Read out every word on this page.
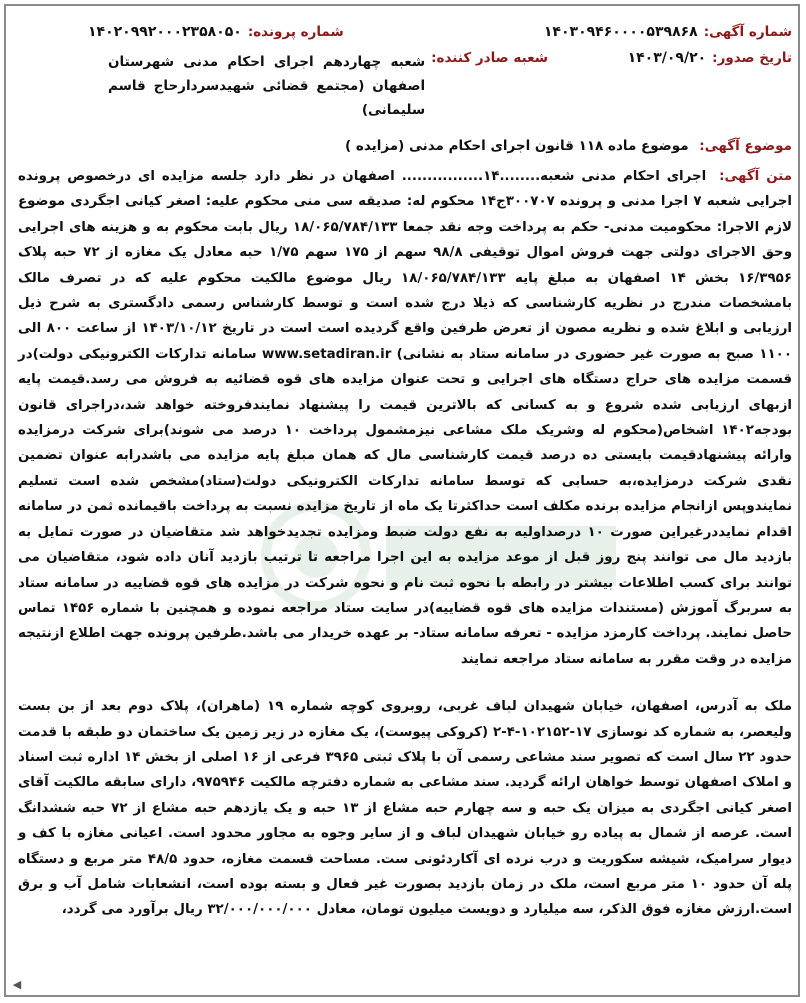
شماره آگهی:
۱۴۰۳۰۹۴۶۰۰۰۰۵۳۹۸۶۸
شماره پرونده:
۱۴۰۲۰۹۹۲۰۰۰۲۳۵۸۰۵۰
تاریخ صدور:
۱۴۰۳/۰۹/۲۰
شعبه صادر کننده:
شعبه چهاردهم اجرای احکام مدنی شهرستان اصفهان (مجتمع قضائی شهیدسردارحاج قاسم سلیمانی)
موضوع آگهی: موضوع ماده ۱۱۸ قانون اجرای احکام مدنی (مزایده )
متن آگهی: اجرای احکام مدنی شعبه........۱۴................ اصفهان در نظر دارد جلسه مزایده ای درخصوص پرونده اجرایی شعبه ۷ اجرا مدنی و پرونده ۳۰۰۷۰۷ج۱۴ محکوم له: صدیقه سی منی محکوم علیه: اصغر کیانی اجگردی موضوع لازم الاجرا: محکومیت مدنی- حکم به پرداخت وجه نقد جمعا ۱۸/۰۶۵/۷۸۴/۱۳۳ ریال بابت محکوم به و هزینه های اجرایی وحق الاجرای دولتی جهت فروش اموال توقیفی ۹۸/۸ سهم از ۱۷۵ سهم ۱/۷۵ حبه معادل یک مغازه از ۷۲ حبه پلاک ۱۶/۳۹۵۶ بخش ۱۴ اصفهان به مبلغ پایه ۱۸/۰۶۵/۷۸۴/۱۳۳ ریال موضوع مالکیت محکوم علیه که در تصرف مالک بامشخصات مندرج در نظریه کارشناسی که ذیلا درج شده است و توسط کارشناس رسمی دادگستری به شرح ذیل ارزیابی و ابلاغ شده و نظریه مصون از تعرض طرفین واقع گردیده است است در تاریخ ۱۴۰۳/۱۰/۱۲ از ساعت ۸۰۰ الی ۱۱۰۰ صبح به صورت غیر حضوری در سامانه ستاد به نشانی) www.setadiran.ir سامانه تدارکات الکترونیکی دولت)در قسمت مزایده های حراج دستگاه های اجرایی و تحت عنوان مزایده های قوه قضائیه به فروش می رسد.قیمت پایه ازبهای ارزیابی شده شروع و به کسانی که بالاترین قیمت را پیشنهاد نمایندفروخته خواهد شد،دراجرای قانون بودجه۱۴۰۲ اشخاص(محکوم له وشریک ملک مشاعی نیزمشمول پرداخت ۱۰ درصد می شوند)برای شرکت درمزایده وارائه پیشنهادقیمت بایستی ده درصد قیمت کارشناسی مال که همان مبلغ پایه مزایده می باشدرابه عنوان تضمین نقدی شرکت درمزایده،به حسابی که توسط سامانه تدارکات الکترونیکی دولت(ستاد)مشخص شده است تسلیم نمایندوپس ازانجام مزایده برنده مکلف است حداکثرتا یک ماه از تاریخ مزایده نسبت به پرداخت باقیمانده ثمن در سامانه اقدام نمایددرغیراین صورت ۱۰ درصداولیه به نفع دولت ضبط ومزایده تجدیدخواهد شد متقاضیان در صورت تمایل به بازدید مال می توانند پنج روز قبل از موعد مزایده به این اجرا مراجعه تا ترتیب بازدید آنان داده شود، متقاضیان می توانند برای کسب اطلاعات بیشتر در رابطه با نحوه ثبت نام و نحوه شرکت در مزایده های قوه قضاییه در سامانه ستاد به سربرگ آموزش (مستندات مزایده های قوه قضاییه)در سایت ستاد مراجعه نموده و همچنین با شماره ۱۴۵۶ تماس حاصل نمایند. پرداخت کارمزد مزایده - تعرفه سامانه ستاد- بر عهده خریدار می باشد.طرفین پرونده جهت اطلاع ازنتیجه مزایده در وقت مقرر به سامانه ستاد مراجعه نمایند
ملک به آدرس، اصفهان، خیابان شهیدان لباف غربی، روبروی کوچه شماره ۱۹ (ماهران)، پلاک دوم بعد از بن بست ولیعصر، به شماره کد نوسازی ۱۷-۱۰۲۱۵۲-۴-۲ (کروکی پیوست)، یک مغازه در زیر زمین یک ساختمان دو طبقه با قدمت حدود ۲۲ سال است که تصویر سند مشاعی رسمی آن با پلاک ثبتی ۳۹۶۵ فرعی از ۱۶ اصلی از بخش ۱۴ اداره ثبت اسناد و املاک اصفهان توسط خواهان ارائه گردید. سند مشاعی به شماره دفترچه مالکیت ۹۷۵۹۴۶، دارای سابقه مالکیت آقای اصغر کیانی اجگردی به میزان یک حبه و سه چهارم حبه مشاع از ۱۳ حبه و یک یازدهم حبه مشاع از ۷۲ حبه ششدانگ است. عرصه از شمال به پیاده رو خیابان شهیدان لباف و از سایر وجوه به مجاور محدود است. اعیانی مغازه با کف و دیوار سرامیک، شیشه سکوریت و درب نرده ای آکاردئونی ست. مساحت قسمت مغازه، حدود ۴۸/۵ متر مربع و دستگاه پله آن حدود ۱۰ متر مربع است، ملک در زمان بازدید بصورت غیر فعال و بسته بوده است، انشعابات شامل آب و برق است.ارزش مغازه فوق الذکر، سه میلیارد و دویست میلیون تومان، معادل ۳۲/۰۰۰/۰۰۰/۰۰۰ ریال برآورد می گردد،
◀
